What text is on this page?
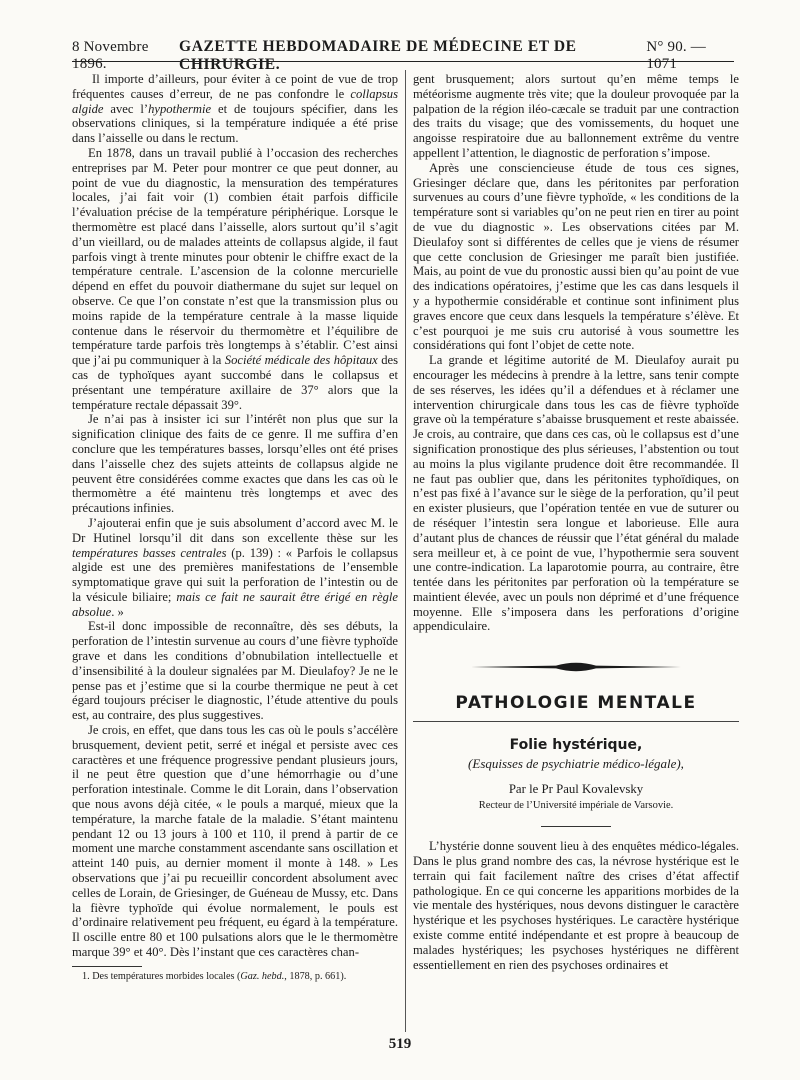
8 Novembre 1896.
GAZETTE HEBDOMADAIRE DE MÉDECINE ET DE CHIRURGIE.
N° 90. — 1071

Il importe d’ailleurs, pour éviter à ce point de vue de trop fréquentes causes d’erreur, de ne pas confondre le collapsus algide avec l’hypothermie et de toujours spécifier, dans les observations cliniques, si la température indiquée a été prise dans l’aisselle ou dans le rectum.

En 1878, dans un travail publié à l’occasion des recherches entreprises par M. Peter pour montrer ce que peut donner, au point de vue du diagnostic, la mensuration des températures locales, j’ai fait voir (1) combien était parfois difficile l’évaluation précise de la température périphérique. Lorsque le thermomètre est placé dans l’aisselle, alors surtout qu’il s’agit d’un vieillard, ou de malades atteints de collapsus algide, il faut parfois vingt à trente minutes pour obtenir le chiffre exact de la température centrale. L’ascension de la colonne mercurielle dépend en effet du pouvoir diathermane du sujet sur lequel on observe. Ce que l’on constate n’est que la transmission plus ou moins rapide de la température centrale à la masse liquide contenue dans le réservoir du thermomètre et l’équilibre de température tarde parfois très longtemps à s’établir. C’est ainsi que j’ai pu communiquer à la Société médicale des hôpitaux des cas de typhoïques ayant succombé dans le collapsus et présentant une température axillaire de 37° alors que la température rectale dépassait 39°.

Je n’ai pas à insister ici sur l’intérêt non plus que sur la signification clinique des faits de ce genre. Il me suffira d’en conclure que les températures basses, lorsqu’elles ont été prises dans l’aisselle chez des sujets atteints de collapsus algide ne peuvent être considérées comme exactes que dans les cas où le thermomètre a été maintenu très longtemps et avec des précautions infinies.

J’ajouterai enfin que je suis absolument d’accord avec M. le Dr Hutinel lorsqu’il dit dans son excellente thèse sur les températures basses centrales (p. 139) : « Parfois le collapsus algide est une des premières manifestations de l’ensemble symptomatique grave qui suit la perforation de l’intestin ou de la vésicule biliaire; mais ce fait ne saurait être érigé en règle absolue. »

Est-il donc impossible de reconnaître, dès ses débuts, la perforation de l’intestin survenue au cours d’une fièvre typhoïde grave et dans les conditions d’obnubilation intellectuelle et d’insensibilité à la douleur signalées par M. Dieulafoy? Je ne le pense pas et j’estime que si la courbe thermique ne peut à cet égard toujours préciser le diagnostic, l’étude attentive du pouls est, au contraire, des plus suggestives.

Je crois, en effet, que dans tous les cas où le pouls s’accélère brusquement, devient petit, serré et inégal et persiste avec ces caractères et une fréquence progressive pendant plusieurs jours, il ne peut être question que d’une hémorrhagie ou d’une perforation intestinale. Comme le dit Lorain, dans l’observation que nous avons déjà citée, « le pouls a marqué, mieux que la température, la marche fatale de la maladie. S’étant maintenu pendant 12 ou 13 jours à 100 et 110, il prend à partir de ce moment une marche constamment ascendante sans oscillation et atteint 140 puis, au dernier moment il monte à 148. » Les observations que j’ai pu recueillir concordent absolument avec celles de Lorain, de Griesinger, de Guéneau de Mussy, etc. Dans la fièvre typhoïde qui évolue normalement, le pouls est d’ordinaire relativement peu fréquent, eu égard à la température. Il oscille entre 80 et 100 pulsations alors que le le thermomètre marque 39° et 40°. Dès l’instant que ces caractères chan-

1. Des températures morbides locales (Gaz. hebd., 1878, p. 661).

gent brusquement; alors surtout qu’en même temps le météorisme augmente très vite; que la douleur provoquée par la palpation de la région iléo-cæcale se traduit par une contraction des traits du visage; que des vomissements, du hoquet une angoisse respiratoire due au ballonnement extrême du ventre appellent l’attention, le diagnostic de perforation s’impose.

Après une consciencieuse étude de tous ces signes, Griesinger déclare que, dans les péritonites par perforation survenues au cours d’une fièvre typhoïde, « les conditions de la température sont si variables qu’on ne peut rien en tirer au point de vue du diagnostic ». Les observations citées par M. Dieulafoy sont si différentes de celles que je viens de résumer que cette conclusion de Griesinger me paraît bien justifiée. Mais, au point de vue du pronostic aussi bien qu’au point de vue des indications opératoires, j’estime que les cas dans lesquels il y a hypothermie considérable et continue sont infiniment plus graves encore que ceux dans lesquels la température s’élève. Et c’est pourquoi je me suis cru autorisé à vous soumettre les considérations qui font l’objet de cette note.

La grande et légitime autorité de M. Dieulafoy aurait pu encourager les médecins à prendre à la lettre, sans tenir compte de ses réserves, les idées qu’il a défendues et à réclamer une intervention chirurgicale dans tous les cas de fièvre typhoïde grave où la température s’abaisse brusquement et reste abaissée. Je crois, au contraire, que dans ces cas, où le collapsus est d’une signification pronostique des plus sérieuses, l’abstention ou tout au moins la plus vigilante prudence doit être recommandée. Il ne faut pas oublier que, dans les péritonites typhoïdiques, on n’est pas fixé à l’avance sur le siège de la perforation, qu’il peut en exister plusieurs, que l’opération tentée en vue de suturer ou de réséquer l’intestin sera longue et laborieuse. Elle aura d’autant plus de chances de réussir que l’état général du malade sera meilleur et, à ce point de vue, l’hypothermie sera souvent une contre-indication. La laparotomie pourra, au contraire, être tentée dans les péritonites par perforation où la température se maintient élevée, avec un pouls non déprimé et d’une fréquence moyenne. Elle s’imposera dans les perforations d’origine appendiculaire.

PATHOLOGIE MENTALE
Folie hystérique,
(Esquisses de psychiatrie médico-légale),
Par le Pr Paul Kovalevsky
Recteur de l’Université impériale de Varsovie.

L’hystérie donne souvent lieu à des enquêtes médico-légales. Dans le plus grand nombre des cas, la névrose hystérique est le terrain qui fait facilement naître des crises d’état affectif pathologique. En ce qui concerne les apparitions morbides de la vie mentale des hystériques, nous devons distinguer le caractère hystérique et les psychoses hystériques. Le caractère hystérique existe comme entité indépendante et est propre à beaucoup de malades hystériques; les psychoses hystériques ne diffèrent essentiellement en rien des psychoses ordinaires et

519
